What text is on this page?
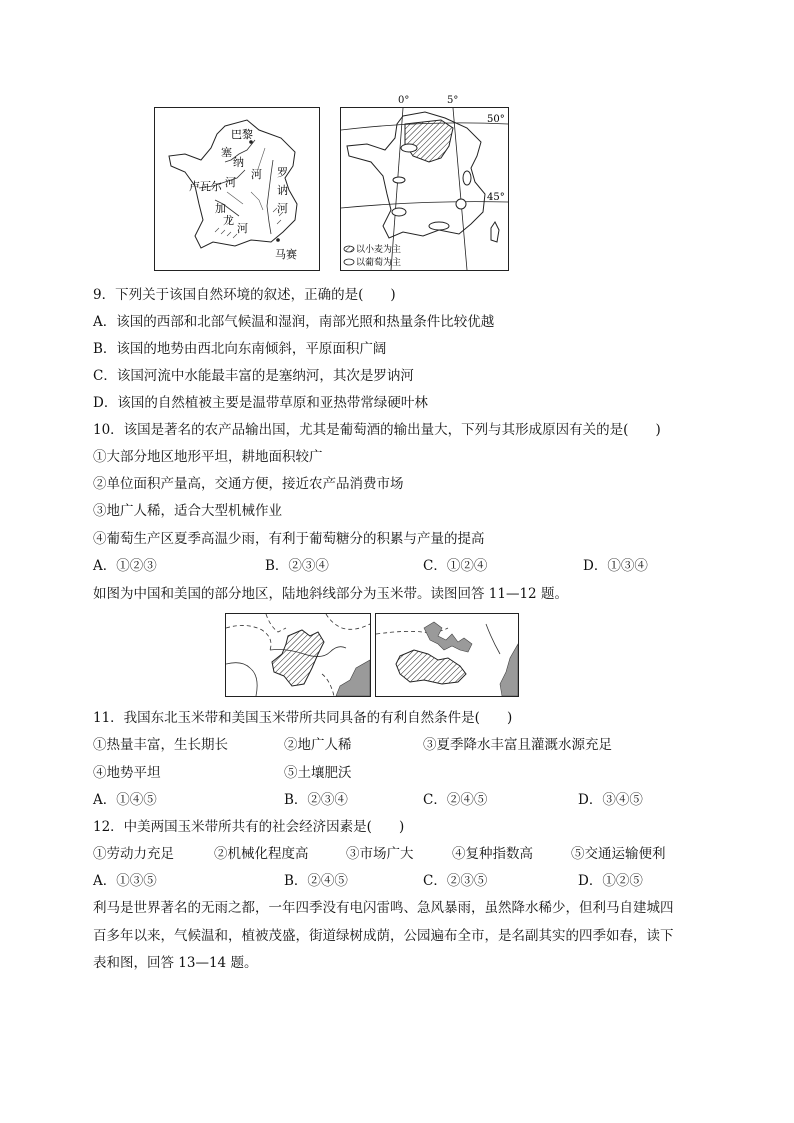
巴黎
塞
纳
河
卢瓦尔 河
加
龙
河
罗
讷
河
马赛
50°
45°
以小麦为主
以葡萄为主
0°	5°
9．下列关于该国自然环境的叙述，正确的是(　　)
A．该国的西部和北部气候温和湿润，南部光照和热量条件比较优越
B．该国的地势由西北向东南倾斜，平原面积广阔
C．该国河流中水能最丰富的是塞纳河，其次是罗讷河
D．该国的自然植被主要是温带草原和亚热带常绿硬叶林
10．该国是著名的农产品输出国，尤其是葡萄酒的输出量大，下列与其形成原因有关的是(　　)
①大部分地区地形平坦，耕地面积较广
②单位面积产量高，交通方便，接近农产品消费市场
③地广人稀，适合大型机械作业
④葡萄生产区夏季高温少雨，有利于葡萄糖分的积累与产量的提高
A．①②③	B．②③④	C．①②④	D．①③④
如图为中国和美国的部分地区，陆地斜线部分为玉米带。读图回答 11—12 题。
11．我国东北玉米带和美国玉米带所共同具备的有利自然条件是(　　)
①热量丰富，生长期长	②地广人稀	③夏季降水丰富且灌溉水源充足
④地势平坦	⑤土壤肥沃
A．①④⑤	B．②③④	C．②④⑤	D．③④⑤
12．中美两国玉米带所共有的社会经济因素是(　　)
①劳动力充足	②机械化程度高	③市场广大	④复种指数高	⑤交通运输便利
A．①③⑤	B．②④⑤	C．②③⑤	D．①②⑤
利马是世界著名的无雨之都，一年四季没有电闪雷鸣、急风暴雨，虽然降水稀少，但利马自建城四
百多年以来，气候温和，植被茂盛，街道绿树成荫，公园遍布全市，是名副其实的四季如春，读下
表和图，回答 13—14 题。
